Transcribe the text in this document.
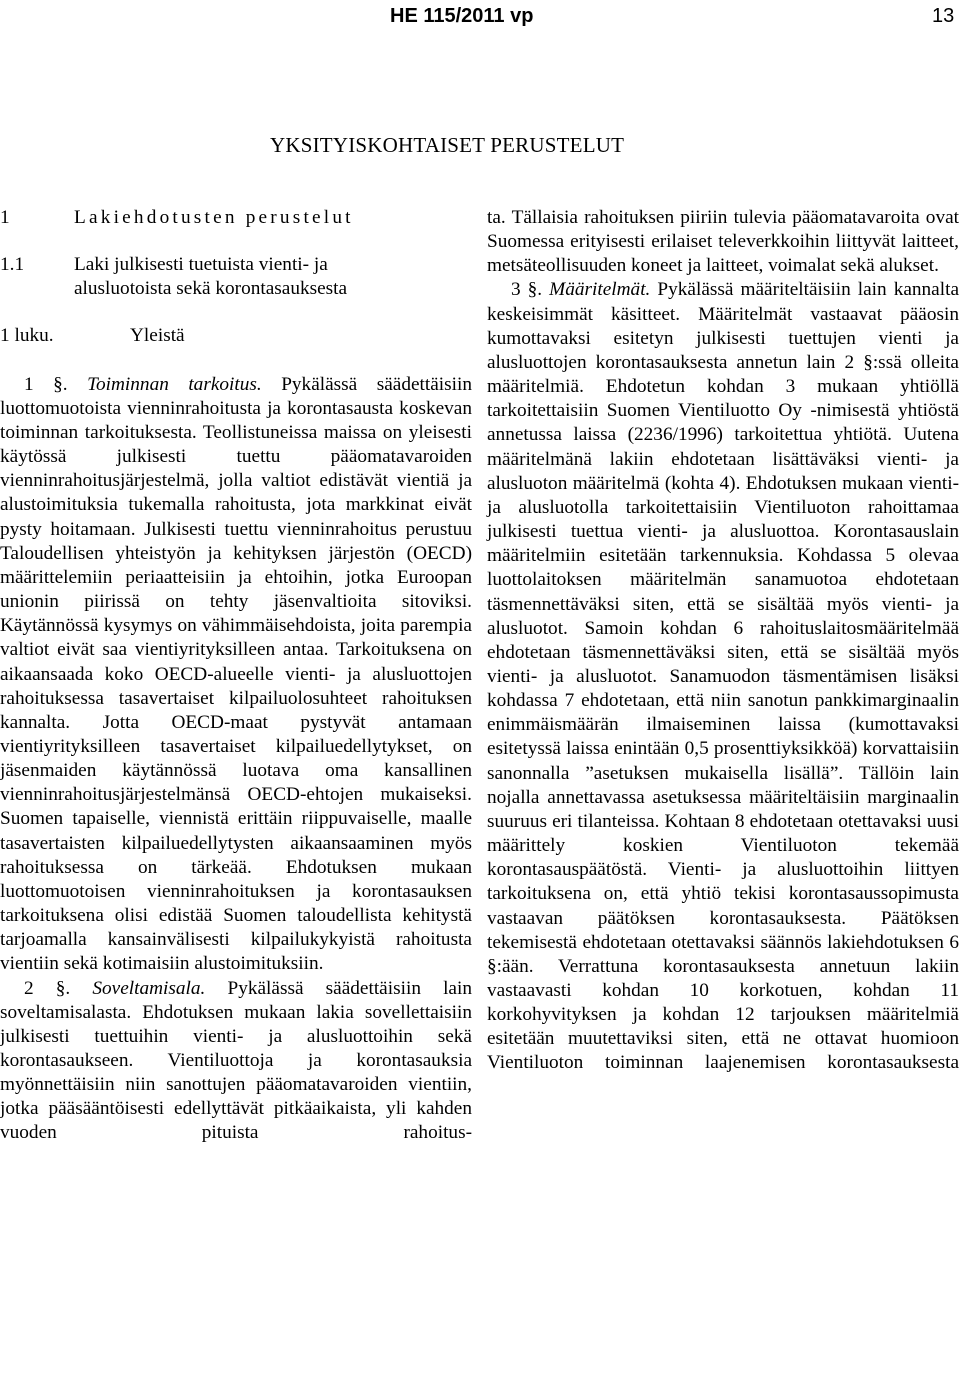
HE 115/2011 vp	13
YKSITYISKOHTAISET PERUSTELUT
1	Lakiehdotusten perustelut
1.1	Laki julkisesti tuetuista vienti- ja
alusluotoista sekä korontasauksesta
1 luku.	Yleistä

1 §. Toiminnan tarkoitus. Pykälässä säädettäisiin luottomuotoista vienninrahoitusta ja korontasausta koskevan toiminnan tarkoituksesta. Teollistuneissa maissa on yleisesti käytössä julkisesti tuettu pääomatavaroiden vienninrahoitusjärjestelmä, jolla valtiot edistävät vientiä ja alustoimituksia tukemalla rahoitusta, jota markkinat eivät pysty hoitamaan. Julkisesti tuettu vienninrahoitus perustuu Taloudellisen yhteistyön ja kehityksen järjestön (OECD) määrittelemiin periaatteisiin ja ehtoihin, jotka Euroopan unionin piirissä on tehty jäsenvaltioita sitoviksi. Käytännössä kysymys on vähimmäisehdoista, joita parempia valtiot eivät saa vientiyrityksilleen antaa. Tarkoituksena on aikaansaada koko OECD-alueelle vienti- ja alusluottojen rahoituksessa tasavertaiset kilpailuolosuhteet rahoituksen kannalta. Jotta OECD-maat pystyvät antamaan vientiyrityksilleen tasavertaiset kilpailuedellytykset, on jäsenmaiden käytännössä luotava oma kansallinen vienninrahoitusjärjestelmänsä OECD-ehtojen mukaiseksi. Suomen tapaiselle, viennistä erittäin riippuvaiselle, maalle tasavertaisten kilpailuedellytysten aikaansaaminen myös rahoituksessa on tärkeää. Ehdotuksen mukaan luottomuotoisen vienninrahoituksen ja korontasauksen tarkoituksena olisi edistää Suomen taloudellista kehitystä tarjoamalla kansainvälisesti kilpailukykyistä rahoitusta vientiin sekä kotimaisiin alustoimituksiin.

2 §. Soveltamisala. Pykälässä säädettäisiin lain soveltamisalasta. Ehdotuksen mukaan lakia sovellettaisiin julkisesti tuettuihin vienti- ja alusluottoihin sekä korontasaukseen. Vientiluottoja ja korontasauksia myönnettäisiin niin sanottujen pääomatavaroiden vientiin, jotka pääsääntöisesti edellyttävät pitkäaikaista, yli kahden vuoden pituista rahoitus-

ta. Tällaisia rahoituksen piiriin tulevia pääomatavaroita ovat Suomessa erityisesti erilaiset televerkkoihin liittyvät laitteet, metsäteollisuuden koneet ja laitteet, voimalat sekä alukset.

3 §. Määritelmät. Pykälässä määriteltäisiin lain kannalta keskeisimmät käsitteet. Määritelmät vastaavat pääosin kumottavaksi esitetyn julkisesti tuettujen vienti ja alusluottojen korontasauksesta annetun lain 2 §:ssä olleita määritelmiä. Ehdotetun kohdan 3 mukaan yhtiöllä tarkoitettaisiin Suomen Vientiluotto Oy -nimisestä yhtiöstä annetussa laissa (2236/1996) tarkoitettua yhtiötä. Uutena määritelmänä lakiin ehdotetaan lisättäväksi vienti- ja alusluoton määritelmä (kohta 4). Ehdotuksen mukaan vienti- ja alusluotolla tarkoitettaisiin Vientiluoton rahoittamaa julkisesti tuettua vienti- ja alusluottoa. Korontasauslain määritelmiin esitetään tarkennuksia. Kohdassa 5 olevaa luottolaitoksen määritelmän sanamuotoa ehdotetaan täsmennettäväksi siten, että se sisältää myös vienti- ja alusluotot. Samoin kohdan 6 rahoituslaitosmääritelmää ehdotetaan täsmennettäväksi siten, että se sisältää myös vienti- ja alusluotot. Sanamuodon täsmentämisen lisäksi kohdassa 7 ehdotetaan, että niin sanotun pankkimarginaalin enimmäismäärän ilmaiseminen laissa (kumottavaksi esitetyssä laissa enintään 0,5 prosenttiyksikköä) korvattaisiin sanonnalla ”asetuksen mukaisella lisällä”. Tällöin lain nojalla annettavassa asetuksessa määriteltäisiin marginaalin suuruus eri tilanteissa. Kohtaan 8 ehdotetaan otettavaksi uusi määrittely koskien Vientiluoton tekemää korontasauspäätöstä. Vienti- ja alusluottoihin liittyen tarkoituksena on, että yhtiö tekisi korontasaussopimusta vastaavan päätöksen korontasauksesta. Päätöksen tekemisestä ehdotetaan otettavaksi säännös lakiehdotuksen 6 §:ään. Verrattuna korontasauksesta annetuun lakiin vastaavasti kohdan 10 korkotuen, kohdan 11 korkohyvityksen ja kohdan 12 tarjouksen määritelmiä esitetään muutettaviksi siten, että ne ottavat huomioon Vientiluoton toiminnan laajenemisen korontasauksesta
